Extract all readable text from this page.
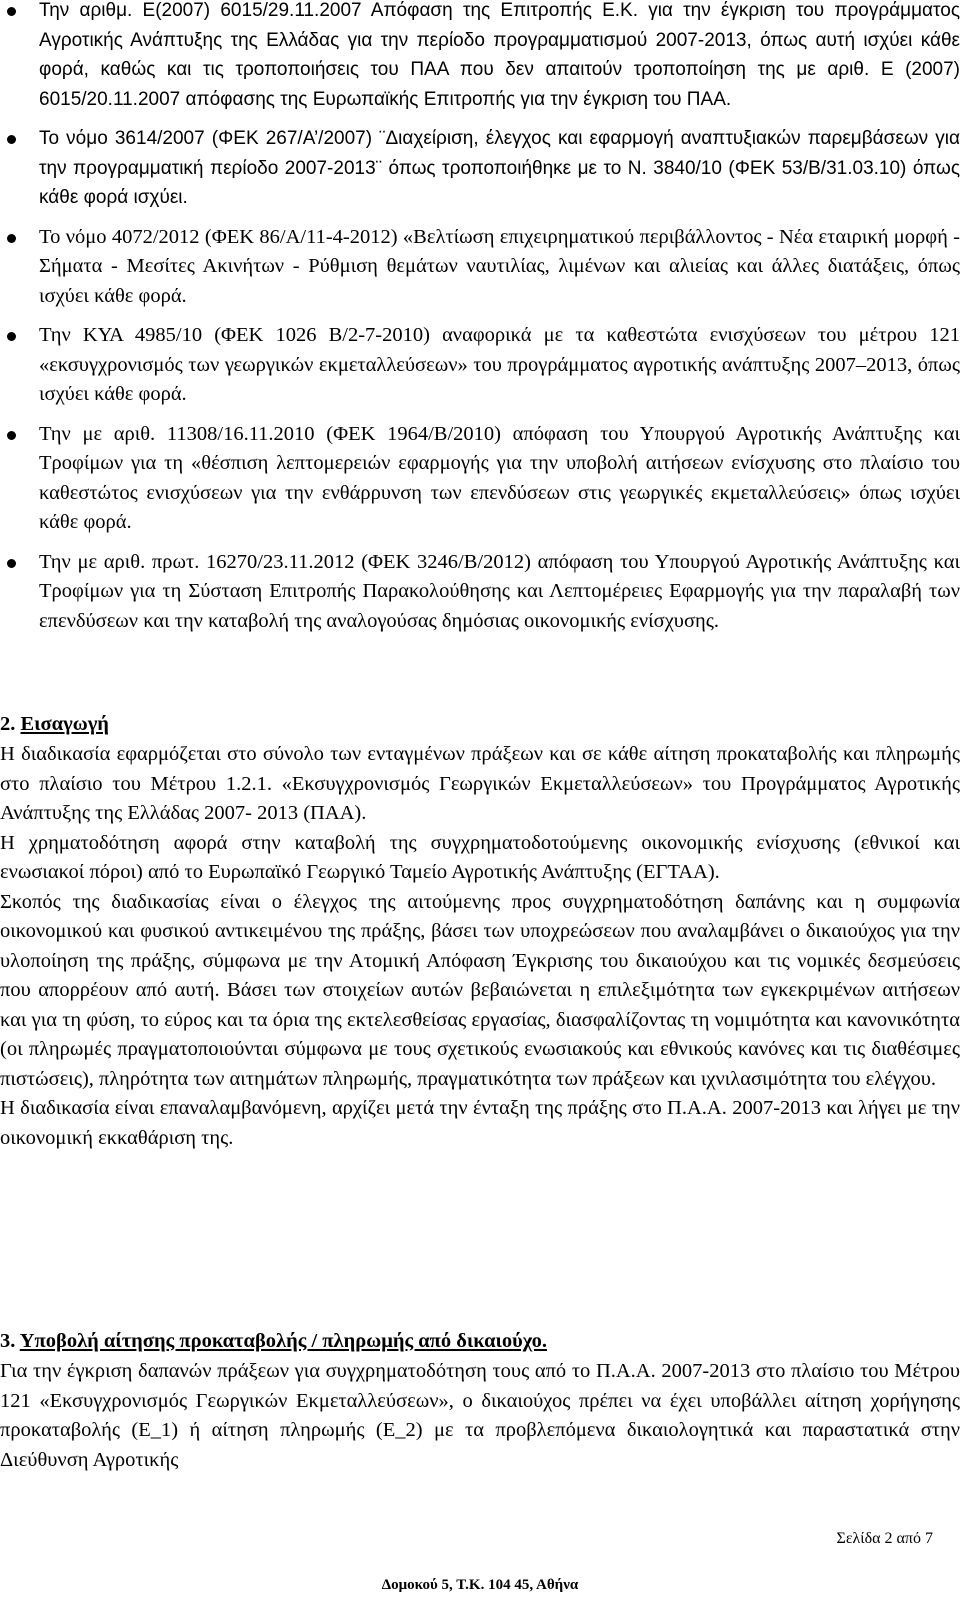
Την αριθμ. Ε(2007) 6015/29.11.2007 Απόφαση της Επιτροπής Ε.Κ. για την έγκριση του προγράμματος Αγροτικής Ανάπτυξης της Ελλάδας για την περίοδο προγραμματισμού 2007-2013, όπως αυτή ισχύει κάθε φορά, καθώς και τις τροποποιήσεις του ΠΑΑ που δεν απαιτούν τροποποίηση της με αριθ. Ε (2007) 6015/20.11.2007 απόφασης της Ευρωπαϊκής Επιτροπής για την έγκριση του ΠΑΑ.
Το νόμο 3614/2007 (ΦΕΚ 267/Α’/2007) ¨Διαχείριση, έλεγχος και εφαρμογή αναπτυξιακών παρεμβάσεων για την προγραμματική περίοδο 2007-2013¨ όπως τροποποιήθηκε με το Ν. 3840/10 (ΦΕΚ 53/Β/31.03.10) όπως κάθε φορά ισχύει.
Το νόμο 4072/2012 (ΦΕΚ 86/Α/11-4-2012) «Βελτίωση επιχειρηματικού περιβάλλοντος - Νέα εταιρική μορφή - Σήματα - Μεσίτες Ακινήτων - Ρύθμιση θεμάτων ναυτιλίας, λιμένων και αλιείας και άλλες διατάξεις, όπως ισχύει κάθε φορά.
Την ΚΥΑ 4985/10 (ΦΕΚ 1026 Β/2-7-2010) αναφορικά με τα καθεστώτα ενισχύσεων του μέτρου 121 «εκσυγχρονισμός των γεωργικών εκμεταλλεύσεων» του προγράμματος αγροτικής ανάπτυξης 2007–2013, όπως ισχύει κάθε φορά.
Την με αριθ. 11308/16.11.2010 (ΦΕΚ 1964/Β/2010) απόφαση του Υπουργού Αγροτικής Ανάπτυξης και Τροφίμων για τη «θέσπιση λεπτομερειών εφαρμογής για την υποβολή αιτήσεων ενίσχυσης στο πλαίσιο του καθεστώτος ενισχύσεων για την ενθάρρυνση των επενδύσεων στις γεωργικές εκμεταλλεύσεις» όπως ισχύει κάθε φορά.
Την με αριθ. πρωτ. 16270/23.11.2012 (ΦΕΚ 3246/Β/2012) απόφαση του Υπουργού Αγροτικής Ανάπτυξης και Τροφίμων για τη Σύσταση Επιτροπής Παρακολούθησης και Λεπτομέρειες Εφαρμογής για την παραλαβή των επενδύσεων και την καταβολή της αναλογούσας δημόσιας οικονομικής ενίσχυσης.
2. Εισαγωγή

Η διαδικασία εφαρμόζεται στο σύνολο των ενταγμένων πράξεων και σε κάθε αίτηση προκαταβολής και πληρωμής στο πλαίσιο του Μέτρου 1.2.1. «Εκσυγχρονισμός Γεωργικών Εκμεταλλεύσεων» του Προγράμματος Αγροτικής Ανάπτυξης της Ελλάδας 2007- 2013 (ΠΑΑ).

Η χρηματοδότηση αφορά στην καταβολή της συγχρηματοδοτούμενης οικονομικής ενίσχυσης (εθνικοί και ενωσιακοί πόροι) από το Ευρωπαϊκό Γεωργικό Ταμείο Αγροτικής Ανάπτυξης (ΕΓΤΑΑ).

Σκοπός της διαδικασίας είναι ο έλεγχος της αιτούμενης προς συγχρηματοδότηση δαπάνης και η συμφωνία οικονομικού και φυσικού αντικειμένου της πράξης, βάσει των υποχρεώσεων που αναλαμβάνει ο δικαιούχος για την υλοποίηση της πράξης, σύμφωνα με την Ατομική Απόφαση Έγκρισης του δικαιούχου και τις νομικές δεσμεύσεις που απορρέουν από αυτή. Βάσει των στοιχείων αυτών βεβαιώνεται η επιλεξιμότητα των εγκεκριμένων αιτήσεων και για τη φύση, το εύρος και τα όρια της εκτελεσθείσας εργασίας, διασφαλίζοντας τη νομιμότητα και κανονικότητα (οι πληρωμές πραγματοποιούνται σύμφωνα με τους σχετικούς ενωσιακούς και εθνικούς κανόνες και τις διαθέσιμες πιστώσεις), πληρότητα των αιτημάτων πληρωμής, πραγματικότητα των πράξεων και ιχνιλασιμότητα του ελέγχου.

Η διαδικασία είναι επαναλαμβανόμενη, αρχίζει μετά την ένταξη της πράξης στο Π.Α.Α. 2007-2013 και λήγει με την οικονομική εκκαθάριση της.

3. Υποβολή αίτησης προκαταβολής / πληρωμής από δικαιούχο.

Για την έγκριση δαπανών πράξεων για συγχρηματοδότηση τους από το Π.Α.Α. 2007-2013 στο πλαίσιο του Μέτρου 121 «Εκσυγχρονισμός Γεωργικών Εκμεταλλεύσεων», ο δικαιούχος πρέπει να έχει υποβάλλει αίτηση χορήγησης προκαταβολής (Ε_1) ή αίτηση πληρωμής (Ε_2) με τα προβλεπόμενα δικαιολογητικά και παραστατικά στην Διεύθυνση Αγροτικής

Σελίδα 2 από 7
Δομοκού 5, Τ.Κ. 104 45, Αθήνα
